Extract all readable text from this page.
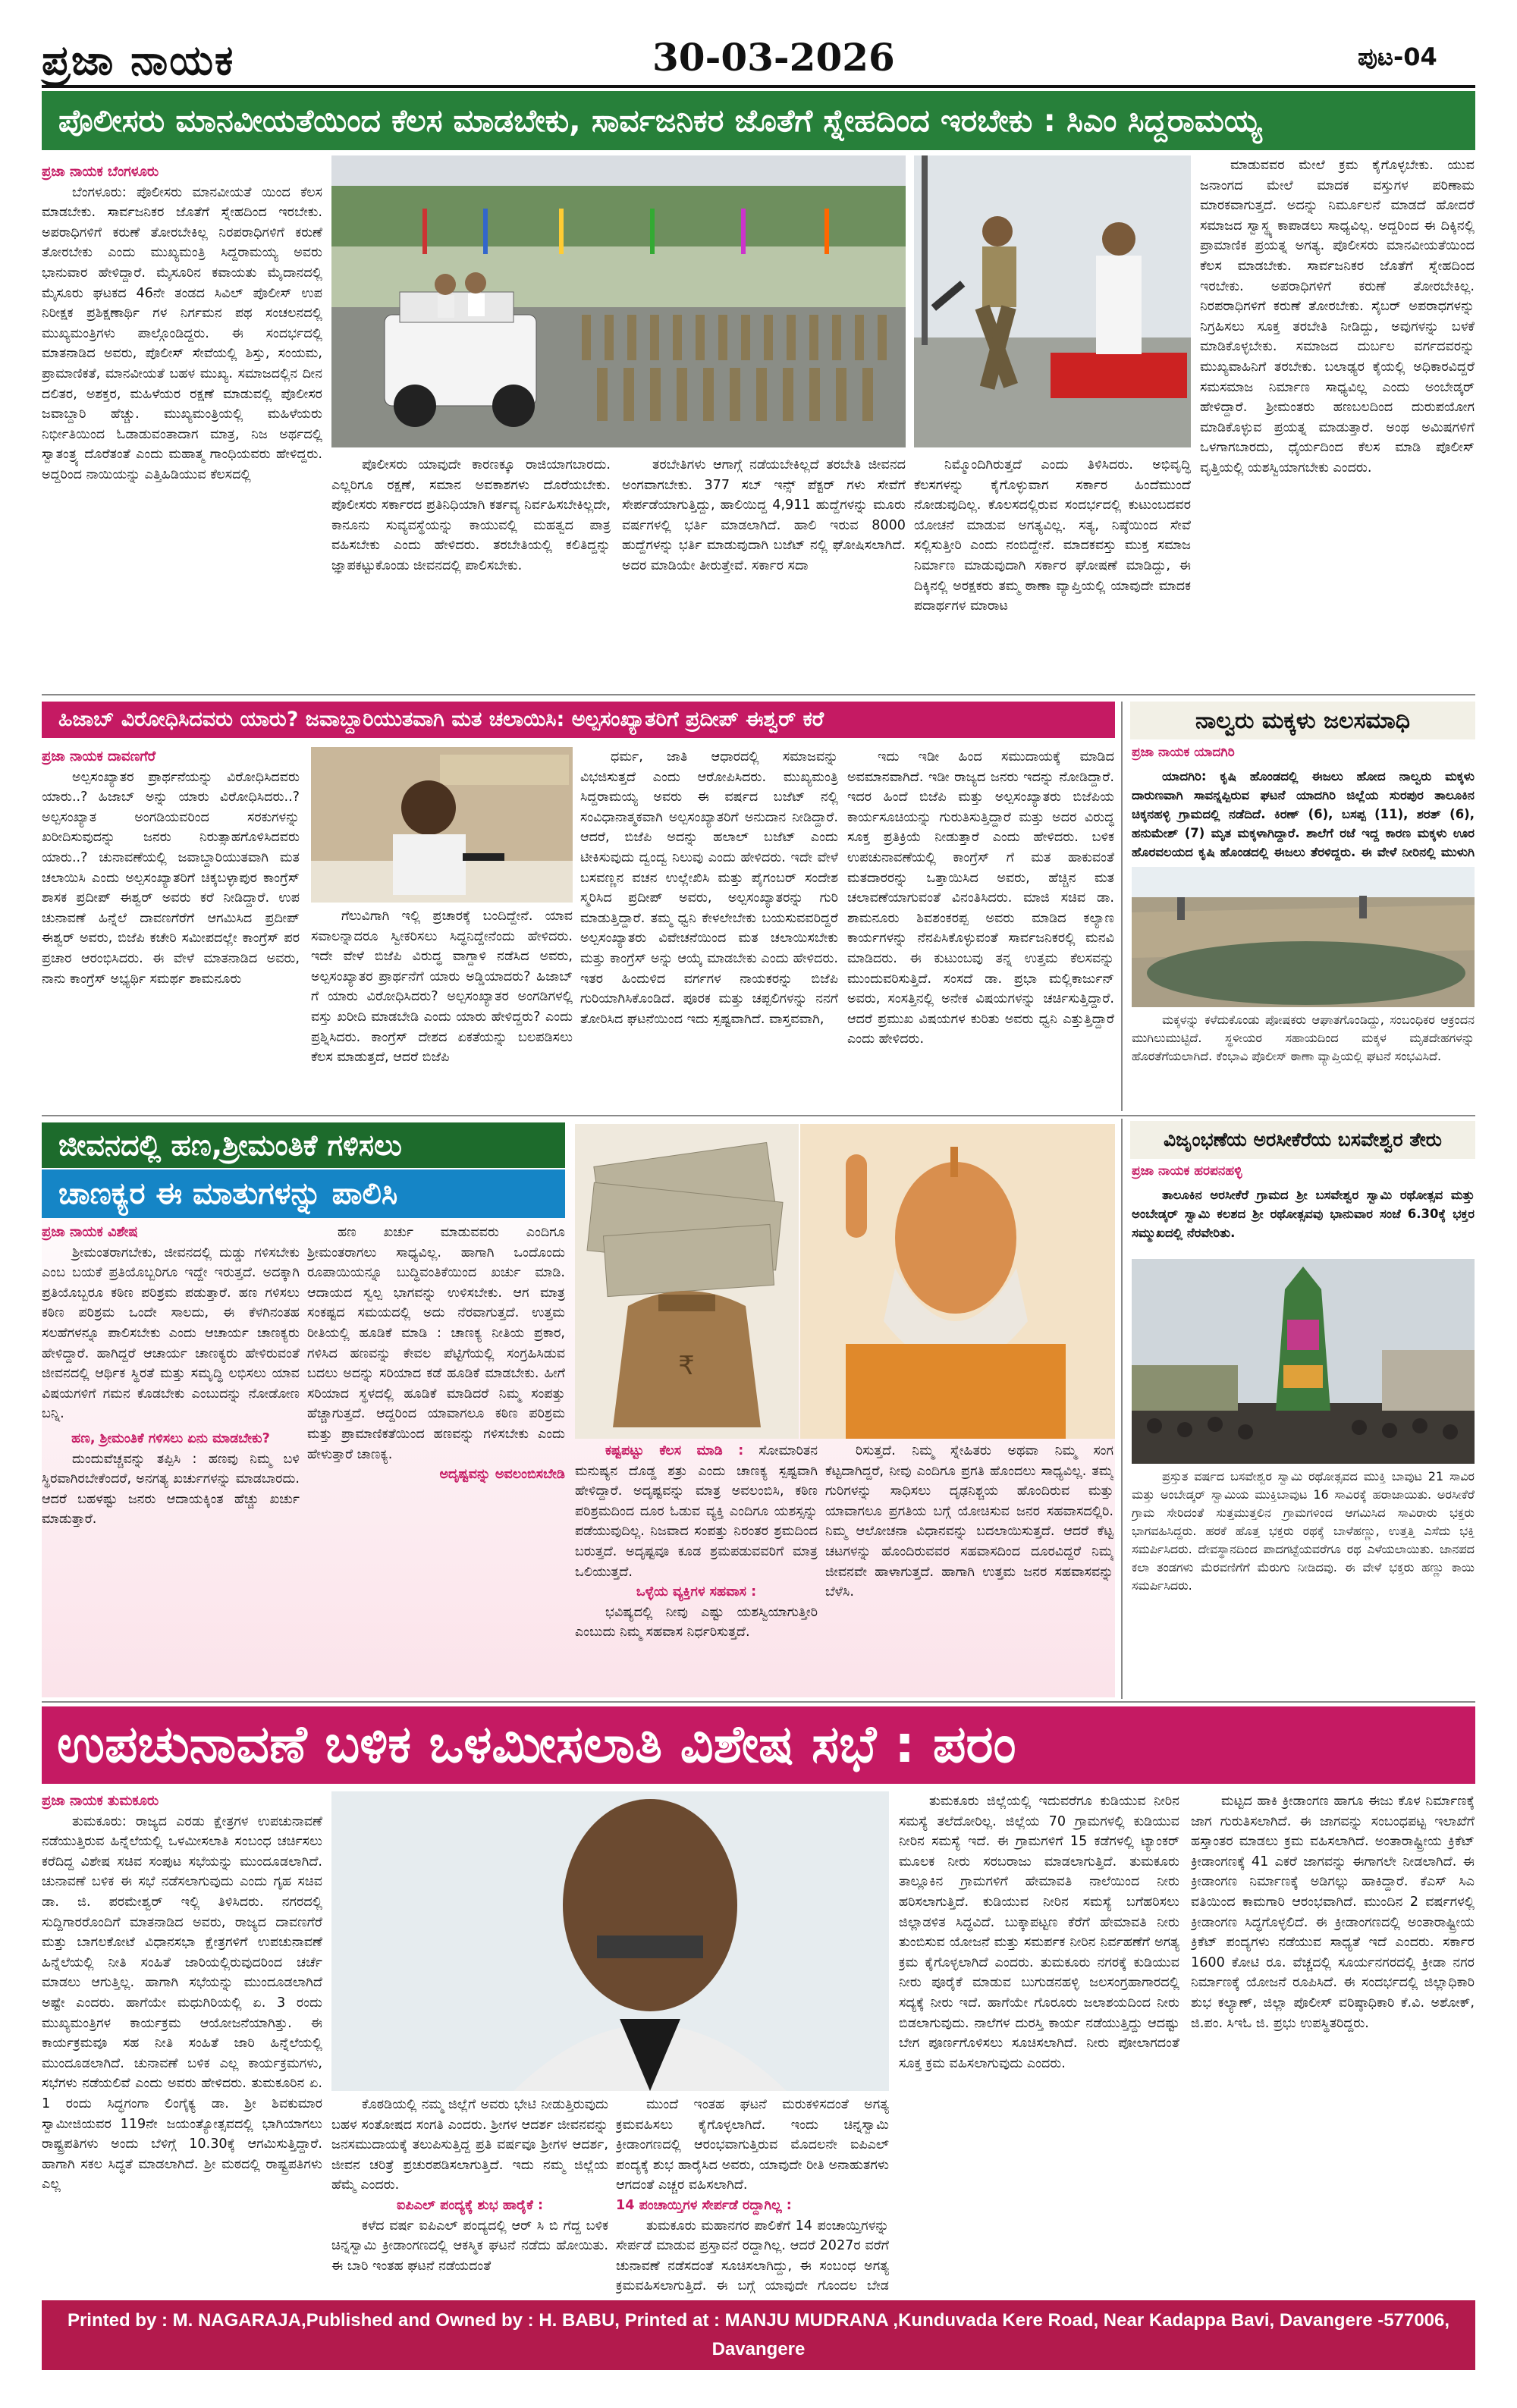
ಪ್ರಜಾ ನಾಯಕ	30-03-2026	ಪುಟ-04
ಪೊಲೀಸರು ಮಾನವೀಯತೆಯಿಂದ ಕೆಲಸ ಮಾಡಬೇಕು, ಸಾರ್ವಜನಿಕರ ಜೊತೆಗೆ ಸ್ನೇಹದಿಂದ ಇರಬೇಕು : ಸಿಎಂ ಸಿದ್ದರಾಮಯ್ಯ

ಪ್ರಜಾ ನಾಯಕ ಬೆಂಗಳೂರು

ಬೆಂಗಳೂರು: ಪೊಲೀಸರು ಮಾನವೀಯತೆ ಯಿಂದ ಕೆಲಸ ಮಾಡಬೇಕು. ಸಾರ್ವಜನಿಕರ ಜೊತೆಗೆ ಸ್ನೇಹದಿಂದ ಇರಬೇಕು. ಅಪರಾಧಿಗಳಿಗೆ ಕರುಣೆ ತೋರಬೇಕಿಲ್ಲ ನಿರಪರಾಧಿಗಳಿಗೆ ಕರುಣೆ ತೋರಬೇಕು ಎಂದು ಮುಖ್ಯಮಂತ್ರಿ ಸಿದ್ದರಾಮಯ್ಯ ಅವರು ಭಾನುವಾರ ಹೇಳಿದ್ದಾರೆ. ಮೈಸೂರಿನ ಕವಾಯತು ಮೈದಾನದಲ್ಲಿ ಮೈಸೂರು ಘಟಕದ 46ನೇ ತಂಡದ ಸಿವಿಲ್ ಪೊಲೀಸ್ ಉಪ ನಿರೀಕ್ಷಕ ಪ್ರಶಿಕ್ಷಣಾರ್ಥಿ ಗಳ ನಿರ್ಗಮನ ಪಥ ಸಂಚಲನದಲ್ಲಿ ಮುಖ್ಯಮಂತ್ರಿಗಳು ಪಾಲ್ಗೊಂಡಿದ್ದರು. ಈ ಸಂದರ್ಭದಲ್ಲಿ ಮಾತನಾಡಿದ ಅವರು, ಪೊಲೀಸ್ ಸೇವೆಯಲ್ಲಿ ಶಿಸ್ತು, ಸಂಯಮ, ಪ್ರಾಮಾಣಿಕತೆ, ಮಾನವೀಯತೆ ಬಹಳ ಮುಖ್ಯ. ಸಮಾಜದಲ್ಲಿನ ದೀನ ದಲಿತರ, ಅಶಕ್ತರ, ಮಹಿಳೆಯರ ರಕ್ಷಣೆ ಮಾಡುವಲ್ಲಿ ಪೊಲೀಸರ ಜವಾಬ್ದಾರಿ ಹೆಚ್ಚು. ಮುಖ್ಯಮಂತ್ರಿಯಲ್ಲಿ ಮಹಿಳೆಯರು ನಿರ್ಭೀತಿಯಿಂದ ಓಡಾಡುವಂತಾದಾಗ ಮಾತ್ರ, ನಿಜ ಅರ್ಥದಲ್ಲಿ ಸ್ವಾತಂತ್ರ್ಯ ದೊರೆತಂತೆ ಎಂದು ಮಹಾತ್ಮ ಗಾಂಧಿಯವರು ಹೇಳಿದ್ದರು. ಅದ್ದರಿಂದ ನಾಯಿಯನ್ನು ಎತ್ತಿಹಿಡಿಯುವ ಕೆಲಸದಲ್ಲಿ

ಪೊಲೀಸರು ಯಾವುದೇ ಕಾರಣಕ್ಕೂ ರಾಜಿಯಾಗಬಾರದು. ಎಲ್ಲರಿಗೂ ರಕ್ಷಣೆ, ಸಮಾನ ಅವಕಾಶಗಳು ದೊರೆಯಬೇಕು. ಪೊಲೀಸರು ಸರ್ಕಾರದ ಪ್ರತಿನಿಧಿಯಾಗಿ ಕರ್ತವ್ಯ ನಿರ್ವಹಿಸಬೇಕಿಲ್ಲದೇ, ಕಾನೂನು ಸುವ್ಯವಸ್ಥೆಯನ್ನು ಕಾಯುವಲ್ಲಿ ಮಹತ್ವದ ಪಾತ್ರ ವಹಿಸಬೇಕು ಎಂದು ಹೇಳಿದರು. ತರಬೇತಿಯಲ್ಲಿ ಕಲಿತಿದ್ದನ್ನು ಜ್ಞಾಪಕಟ್ಟುಕೊಂಡು ಜೀವನದಲ್ಲಿ ಪಾಲಿಸಬೇಕು.

ತರಬೇತಿಗಳು ಆಗಾಗ್ಗೆ ನಡೆಯಬೇಕಿಲ್ಲದೆ ತರಬೇತಿ ಜೀವನದ ಅಂಗವಾಗಬೇಕು. 377 ಸಬ್ ಇನ್ಸ್ ಪೆಕ್ಟರ್ ಗಳು ಸೇವೆಗೆ ಸೇರ್ಪಡೆಯಾಗುತ್ತಿದ್ದು, ಹಾಲಿಯಿದ್ದ 4,911 ಹುದ್ದೆಗಳನ್ನು ಮೂರು ವರ್ಷಗಳಲ್ಲಿ ಭರ್ತಿ ಮಾಡಲಾಗಿದೆ. ಹಾಲಿ ಇರುವ 8000 ಹುದ್ದೆಗಳನ್ನು ಭರ್ತಿ ಮಾಡುವುದಾಗಿ ಬಜೆಟ್ ನಲ್ಲಿ ಘೋಷಿಸಲಾಗಿದೆ. ಅದರ ಮಾಡಿಯೇ ತೀರುತ್ತೇವೆ. ಸರ್ಕಾರ ಸದಾ

ನಿಮ್ಮೊಂದಿಗಿರುತ್ತದೆ ಎಂದು ತಿಳಿಸಿದರು. ಅಭಿವೃದ್ಧಿ ಕೆಲಸಗಳನ್ನು ಕೈಗೊಳ್ಳುವಾಗ ಸರ್ಕಾರ ಹಿಂದೆಮುಂದೆ ನೋಡುವುದಿಲ್ಲ. ಕೊಲಸದಲ್ಲಿರುವ ಸಂದರ್ಭದಲ್ಲಿ ಕುಟುಂಬದವರ ಯೋಚನೆ ಮಾಡುವ ಅಗತ್ಯವಿಲ್ಲ. ಸತ್ಯ, ನಿಷ್ಠೆಯಿಂದ ಸೇವೆ ಸಲ್ಲಿಸುತ್ತೀರಿ ಎಂದು ನಂಬಿದ್ದೇನೆ. ಮಾದಕವಸ್ತು ಮುಕ್ತ ಸಮಾಜ ನಿರ್ಮಾಣ ಮಾಡುವುದಾಗಿ ಸರ್ಕಾರ ಘೋಷಣೆ ಮಾಡಿದ್ದು, ಈ ದಿಕ್ಕಿನಲ್ಲಿ ಅರಕ್ಷಕರು ತಮ್ಮ ಠಾಣಾ ವ್ಯಾಪ್ತಿಯಲ್ಲಿ ಯಾವುದೇ ಮಾದಕ ಪದಾರ್ಥಗಳ ಮಾರಾಟ

ಮಾಡುವವರ ಮೇಲೆ ಕ್ರಮ ಕೈಗೊಳ್ಳಬೇಕು. ಯುವ ಜನಾಂಗದ ಮೇಲೆ ಮಾದಕ ವಸ್ತುಗಳ ಪರಿಣಾಮ ಮಾರಕವಾಗುತ್ತದೆ. ಅದನ್ನು ನಿರ್ಮೂಲನೆ ಮಾಡದೆ ಹೋದರೆ ಸಮಾಜದ ಸ್ವಾಸ್ಥ್ಯ ಕಾಪಾಡಲು ಸಾಧ್ಯವಿಲ್ಲ. ಅದ್ದರಿಂದ ಈ ದಿಕ್ಕಿನಲ್ಲಿ ಪ್ರಾಮಾಣಿಕ ಪ್ರಯತ್ನ ಅಗತ್ಯ. ಪೊಲೀಸರು ಮಾನವೀಯತೆಯಿಂದ ಕೆಲಸ ಮಾಡಬೇಕು. ಸಾರ್ವಜನಿಕರ ಜೊತೆಗೆ ಸ್ನೇಹದಿಂದ ಇರಬೇಕು. ಅಪರಾಧಿಗಳಿಗೆ ಕರುಣೆ ತೋರಬೇಕಿಲ್ಲ. ನಿರಪರಾಧಿಗಳಿಗೆ ಕರುಣೆ ತೋರಬೇಕು. ಸೈಬರ್ ಅಪರಾಧಗಳನ್ನು ನಿಗ್ರಹಿಸಲು ಸೂಕ್ತ ತರಬೇತಿ ನೀಡಿದ್ದು, ಅವುಗಳನ್ನು ಬಳಕೆ ಮಾಡಿಕೊಳ್ಳಬೇಕು. ಸಮಾಜದ ದುರ್ಬಲ ವರ್ಗದವರನ್ನು ಮುಖ್ಯವಾಹಿನಿಗೆ ತರಬೇಕು. ಬಲಾಢ್ಯರ ಕೈಯಲ್ಲಿ ಅಧಿಕಾರವಿದ್ದರೆ ಸಮಸಮಾಜ ನಿರ್ಮಾಣ ಸಾಧ್ಯವಿಲ್ಲ ಎಂದು ಅಂಬೇಡ್ಕರ್ ಹೇಳಿದ್ದಾರೆ. ಶ್ರೀಮಂತರು ಹಣಬಲದಿಂದ ದುರುಪಯೋಗ ಮಾಡಿಕೊಳ್ಳುವ ಪ್ರಯತ್ನ ಮಾಡುತ್ತಾರೆ. ಅಂಥ ಅಮಿಷಗಳಿಗೆ ಒಳಗಾಗಬಾರದು, ಧೈರ್ಯದಿಂದ ಕೆಲಸ ಮಾಡಿ ಪೊಲೀಸ್ ವೃತ್ತಿಯಲ್ಲಿ ಯಶಸ್ವಿಯಾಗಬೇಕು ಎಂದರು.

ಹಿಜಾಬ್ ವಿರೋಧಿಸಿದವರು ಯಾರು? ಜವಾಬ್ದಾರಿಯುತವಾಗಿ ಮತ ಚಲಾಯಿಸಿ: ಅಲ್ಪಸಂಖ್ಯಾತರಿಗೆ ಪ್ರದೀಪ್ ಈಶ್ವರ್ ಕರೆ

ಪ್ರಜಾ ನಾಯಕ ದಾವಣಗೆರೆ

ಅಲ್ಪಸಂಖ್ಯಾತರ ಪ್ರಾರ್ಥನೆಯನ್ನು ವಿರೋಧಿಸಿದವರು ಯಾರು..? ಹಿಜಾಬ್ ಅನ್ನು ಯಾರು ವಿರೋಧಿಸಿದರು..? ಅಲ್ಪಸಂಖ್ಯಾತ ಅಂಗಡಿಯವರಿಂದ ಸರಕುಗಳನ್ನು ಖರೀದಿಸುವುದನ್ನು ಜನರು ನಿರುತ್ಸಾಹಗೊಳಿಸಿದವರು ಯಾರು..? ಚುನಾವಣೆಯಲ್ಲಿ ಜವಾಬ್ದಾರಿಯುತವಾಗಿ ಮತ ಚಲಾಯಿಸಿ ಎಂದು ಅಲ್ಪಸಂಖ್ಯಾತರಿಗೆ ಚಿಕ್ಕಬಳ್ಳಾಪುರ ಕಾಂಗ್ರೆಸ್ ಶಾಸಕ ಪ್ರದೀಪ್ ಈಶ್ವರ್ ಅವರು ಕರೆ ನೀಡಿದ್ದಾರೆ. ಉಪ ಚುನಾವಣೆ ಹಿನ್ನೆಲೆ ದಾವಣಗೆರೆಗೆ ಆಗಮಿಸಿದ ಪ್ರದೀಪ್ ಈಶ್ವರ್ ಅವರು, ಬಿಜೆಪಿ ಕಚೇರಿ ಸಮೀಪದಲ್ಲೇ ಕಾಂಗ್ರೆಸ್ ಪರ ಪ್ರಚಾರ ಆರಂಭಿಸಿದರು. ಈ ವೇಳೆ ಮಾತನಾಡಿದ ಅವರು, ನಾನು ಕಾಂಗ್ರೆಸ್ ಅಭ್ಯರ್ಥಿ ಸಮರ್ಥ ಶಾಮನೂರು

ಗೆಲುವಿಗಾಗಿ ಇಲ್ಲಿ ಪ್ರಚಾರಕ್ಕೆ ಬಂದಿದ್ದೇನೆ. ಯಾವ ಸವಾಲನ್ನಾದರೂ ಸ್ವೀಕರಿಸಲು ಸಿದ್ಧನಿದ್ದೇನೆಂದು ಹೇಳಿದರು. ಇದೇ ವೇಳೆ ಬಿಜೆಪಿ ವಿರುದ್ಧ ವಾಗ್ದಾಳಿ ನಡೆಸಿದ ಅವರು, ಅಲ್ಪಸಂಖ್ಯಾತರ ಪ್ರಾರ್ಥನೆಗೆ ಯಾರು ಅಡ್ಡಿಯಾದರು? ಹಿಜಾಬ್ ಗೆ ಯಾರು ವಿರೋಧಿಸಿದರು? ಅಲ್ಪಸಂಖ್ಯಾತರ ಅಂಗಡಿಗಳಲ್ಲಿ ವಸ್ತು ಖರೀದಿ ಮಾಡಬೇಡಿ ಎಂದು ಯಾರು ಹೇಳಿದ್ದರು? ಎಂದು ಪ್ರಶ್ನಿಸಿದರು. ಕಾಂಗ್ರೆಸ್ ದೇಶದ ಏಕತೆಯನ್ನು ಬಲಪಡಿಸಲು ಕೆಲಸ ಮಾಡುತ್ತದೆ, ಆದರೆ ಬಿಜೆಪಿ

ಧರ್ಮ, ಜಾತಿ ಆಧಾರದಲ್ಲಿ ಸಮಾಜವನ್ನು ವಿಭಜಿಸುತ್ತದೆ ಎಂದು ಆರೋಪಿಸಿದರು. ಮುಖ್ಯಮಂತ್ರಿ ಸಿದ್ದರಾಮಯ್ಯ ಅವರು ಈ ವರ್ಷದ ಬಜೆಟ್ ನಲ್ಲಿ ಸಂವಿಧಾನಾತ್ಮಕವಾಗಿ ಅಲ್ಪಸಂಖ್ಯಾತರಿಗೆ ಅನುದಾನ ನೀಡಿದ್ದಾರೆ. ಆದರೆ, ಬಿಜೆಪಿ ಅದನ್ನು ಹಲಾಲ್ ಬಜೆಟ್ ಎಂದು ಟೀಕಿಸುವುದು ದ್ವಂದ್ವ ನಿಲುವು ಎಂದು ಹೇಳಿದರು. ಇದೇ ವೇಳೆ ಬಸವಣ್ಣನ ವಚನ ಉಲ್ಲೇಖಿಸಿ ಮತ್ತು ಪೈಗಂಬರ್ ಸಂದೇಶ ಸ್ಮರಿಸಿದ ಪ್ರದೀಪ್ ಅವರು, ಅಲ್ಪಸಂಖ್ಯಾತರನ್ನು ಗುರಿ ಮಾಡುತ್ತಿದ್ದಾರೆ. ತಮ್ಮ ಧ್ವನಿ ಕೇಳಲೇಬೇಕು ಬಯಸುವವರಿದ್ದರೆ ಅಲ್ಪಸಂಖ್ಯಾತರು ವಿವೇಚನೆಯಿಂದ ಮತ ಚಲಾಯಿಸಬೇಕು ಮತ್ತು ಕಾಂಗ್ರೆಸ್ ಅನ್ನು ಆಯ್ಕೆ ಮಾಡಬೇಕು ಎಂದು ಹೇಳಿದರು. ಇತರ ಹಿಂದುಳಿದ ವರ್ಗಗಳ ನಾಯಕರನ್ನು ಬಿಜೆಪಿ ಗುರಿಯಾಗಿಸಿಕೊಂಡಿದೆ. ಪೂರಕ ಮತ್ತು ಚಪ್ಪಲಿಗಳನ್ನು ನನಗೆ ತೋರಿಸಿದ ಘಟನೆಯಿಂದ ಇದು ಸ್ಪಷ್ಟವಾಗಿದೆ. ವಾಸ್ತವವಾಗಿ,

ಇದು ಇಡೀ ಹಿಂದ ಸಮುದಾಯಕ್ಕೆ ಮಾಡಿದ ಅವಮಾನವಾಗಿದೆ. ಇಡೀ ರಾಜ್ಯದ ಜನರು ಇದನ್ನು ನೋಡಿದ್ದಾರೆ. ಇದರ ಹಿಂದೆ ಬಿಜೆಪಿ ಮತ್ತು ಅಲ್ಪಸಂಖ್ಯಾತರು ಬಿಜೆಪಿಯ ಕಾರ್ಯಸೂಚಿಯನ್ನು ಗುರುತಿಸುತ್ತಿದ್ದಾರೆ ಮತ್ತು ಅದರ ವಿರುದ್ಧ ಸೂಕ್ತ ಪ್ರತಿಕ್ರಿಯೆ ನೀಡುತ್ತಾರೆ ಎಂದು ಹೇಳಿದರು. ಬಳಿಕ ಉಪಚುನಾವಣೆಯಲ್ಲಿ ಕಾಂಗ್ರೆಸ್ ಗೆ ಮತ ಹಾಕುವಂತೆ ಮತದಾರರನ್ನು ಒತ್ತಾಯಿಸಿದ ಅವರು, ಹೆಚ್ಚಿನ ಮತ ಚಲಾವಣೆಯಾಗುವಂತೆ ವಿನಂತಿಸಿದರು. ಮಾಜಿ ಸಚಿವ ಡಾ. ಶಾಮನೂರು ಶಿವಶಂಕರಪ್ಪ ಅವರು ಮಾಡಿದ ಕಲ್ಯಾಣ ಕಾರ್ಯಗಳನ್ನು ನೆನಪಿಸಿಕೊಳ್ಳುವಂತೆ ಸಾರ್ವಜನಿಕರಲ್ಲಿ ಮನವಿ ಮಾಡಿದರು. ಈ ಕುಟುಂಬವು ತನ್ನ ಉತ್ತಮ ಕೆಲಸವನ್ನು ಮುಂದುವರಿಸುತ್ತಿದೆ. ಸಂಸದೆ ಡಾ. ಪ್ರಭಾ ಮಲ್ಲಿಕಾರ್ಜುನ್ ಅವರು, ಸಂಸತ್ತಿನಲ್ಲಿ ಅನೇಕ ವಿಷಯಗಳನ್ನು ಚರ್ಚಿಸುತ್ತಿದ್ದಾರೆ. ಆದರೆ ಪ್ರಮುಖ ವಿಷಯಗಳ ಕುರಿತು ಅವರು ಧ್ವನಿ ಎತ್ತುತ್ತಿದ್ದಾರೆ ಎಂದು ಹೇಳಿದರು.

ನಾಲ್ವರು ಮಕ್ಕಳು ಜಲಸಮಾಧಿ

ಪ್ರಜಾ ನಾಯಕ ಯಾದಗಿರಿ

ಯಾದಗಿರಿ: ಕೃಷಿ ಹೊಂಡದಲ್ಲಿ ಈಜಲು ಹೋದ ನಾಲ್ವರು ಮಕ್ಕಳು ದಾರುಣವಾಗಿ ಸಾವನ್ನಪ್ಪಿರುವ ಘಟನೆ ಯಾದಗಿರಿ ಜಿಲ್ಲೆಯ ಸುರಪುರ ತಾಲೂಕಿನ ಚಿಕ್ಕನಹಳ್ಳಿ ಗ್ರಾಮದಲ್ಲಿ ನಡೆದಿದೆ. ಕಿರಣ್ (6), ಬಸಪ್ಪ (11), ಶರತ್ (6), ಹನುಮೇಶ್ (7) ಮೃತ ಮಕ್ಕಳಾಗಿದ್ದಾರೆ. ಶಾಲೆಗೆ ರಜೆ ಇದ್ದ ಕಾರಣ ಮಕ್ಕಳು ಊರ ಹೊರವಲಯದ ಕೃಷಿ ಹೊಂಡದಲ್ಲಿ ಈಜಲು ತೆರಳಿದ್ದರು. ಈ ವೇಳೆ ನೀರಿನಲ್ಲಿ ಮುಳುಗಿ

ಮಕ್ಕಳನ್ನು ಕಳೆದುಕೊಂಡು ಪೋಷಕರು ಆಘಾತಗೊಂಡಿದ್ದು, ಸಂಬಂಧಿಕರ ಆಕ್ರಂದನ ಮುಗಿಲುಮುಟ್ಟಿದೆ. ಸ್ಥಳೀಯರ ಸಹಾಯದಿಂದ ಮಕ್ಕಳ ಮೃತದೇಹಗಳನ್ನು ಹೊರತೆಗೆಯಲಾಗಿದೆ. ಕೆಂಭಾವಿ ಪೊಲೀಸ್ ಠಾಣಾ ವ್ಯಾಪ್ತಿಯಲ್ಲಿ ಘಟನೆ ಸಂಭವಿಸಿದೆ.

ಜೀವನದಲ್ಲಿ ಹಣ,ಶ್ರೀಮಂತಿಕೆ ಗಳಿಸಲು
ಚಾಣಕ್ಯರ ಈ ಮಾತುಗಳನ್ನು ಪಾಲಿಸಿ

ಪ್ರಜಾ ನಾಯಕ ವಿಶೇಷ

ಶ್ರೀಮಂತರಾಗಬೇಕು, ಜೀವನದಲ್ಲಿ ದುಡ್ಡು ಗಳಿಸಬೇಕು ಎಂಬ ಬಯಕೆ ಪ್ರತಿಯೊಬ್ಬರಿಗೂ ಇದ್ದೇ ಇರುತ್ತದೆ. ಅದಕ್ಕಾಗಿ ಪ್ರತಿಯೊಬ್ಬರೂ ಕಠಿಣ ಪರಿಶ್ರಮ ಪಡುತ್ತಾರೆ. ಹಣ ಗಳಿಸಲು ಕಠಿಣ ಪರಿಶ್ರಮ ಒಂದೇ ಸಾಲದು, ಈ ಕೆಳಗಿನಂತಹ ಸಲಹೆಗಳನ್ನೂ ಪಾಲಿಸಬೇಕು ಎಂದು ಆಚಾರ್ಯ ಚಾಣಕ್ಯರು ಹೇಳಿದ್ದಾರೆ. ಹಾಗಿದ್ದರೆ ಆಚಾರ್ಯ ಚಾಣಕ್ಯರು ಹೇಳಿರುವಂತೆ ಜೀವನದಲ್ಲಿ ಆರ್ಥಿಕ ಸ್ಥಿರತೆ ಮತ್ತು ಸಮೃದ್ಧಿ ಲಭಿಸಲು ಯಾವ ವಿಷಯಗಳಿಗೆ ಗಮನ ಕೊಡಬೇಕು ಎಂಬುದನ್ನು ನೋಡೋಣ ಬನ್ನಿ.

ಹಣ, ಶ್ರೀಮಂತಿಕೆ ಗಳಿಸಲು ಏನು ಮಾಡಬೇಕು?

ದುಂದುವೆಚ್ಚವನ್ನು ತಪ್ಪಿಸಿ : ಹಣವು ನಿಮ್ಮ ಬಳಿ ಸ್ಥಿರವಾಗಿರಬೇಕೆಂದರೆ, ಅನಗತ್ಯ ಖರ್ಚುಗಳನ್ನು ಮಾಡಬಾರದು. ಆದರೆ ಬಹಳಷ್ಟು ಜನರು ಆದಾಯಕ್ಕಿಂತ ಹೆಚ್ಚು ಖರ್ಚು ಮಾಡುತ್ತಾರೆ.

ಹಣ ಖರ್ಚು ಮಾಡುವವರು ಎಂದಿಗೂ ಶ್ರೀಮಂತರಾಗಲು ಸಾಧ್ಯವಿಲ್ಲ. ಹಾಗಾಗಿ ಒಂದೊಂದು ರೂಪಾಯಿಯನ್ನೂ ಬುದ್ಧಿವಂತಿಕೆಯಿಂದ ಖರ್ಚು ಮಾಡಿ. ಆದಾಯದ ಸ್ವಲ್ಪ ಭಾಗವನ್ನು ಉಳಿಸಬೇಕು. ಆಗ ಮಾತ್ರ ಸಂಕಷ್ಟದ ಸಮಯದಲ್ಲಿ ಅದು ನೆರವಾಗುತ್ತದೆ. ಉತ್ತಮ ರೀತಿಯಲ್ಲಿ ಹೂಡಿಕೆ ಮಾಡಿ : ಚಾಣಕ್ಯ ನೀತಿಯ ಪ್ರಕಾರ, ಗಳಿಸಿದ ಹಣವನ್ನು ಕೇವಲ ಪೆಟ್ಟಿಗೆಯಲ್ಲಿ ಸಂಗ್ರಹಿಸಿಡುವ ಬದಲು ಅದನ್ನು ಸರಿಯಾದ ಕಡೆ ಹೂಡಿಕೆ ಮಾಡಬೇಕು. ಹೀಗೆ ಸರಿಯಾದ ಸ್ಥಳದಲ್ಲಿ ಹೂಡಿಕೆ ಮಾಡಿದರೆ ನಿಮ್ಮ ಸಂಪತ್ತು ಹೆಚ್ಚಾಗುತ್ತದೆ. ಆದ್ದರಿಂದ ಯಾವಾಗಲೂ ಕಠಿಣ ಪರಿಶ್ರಮ ಮತ್ತು ಪ್ರಾಮಾಣಿಕತೆಯಿಂದ ಹಣವನ್ನು ಗಳಿಸಬೇಕು ಎಂದು ಹೇಳುತ್ತಾರೆ ಚಾಣಕ್ಯ.

ಅದೃಷ್ಟವನ್ನು ಅವಲಂಬಿಸಬೇಡಿ

₹

ಕಷ್ಟಪಟ್ಟು ಕೆಲಸ ಮಾಡಿ : ಸೋಮಾರಿತನ ಮನುಷ್ಯನ ದೊಡ್ಡ ಶತ್ರು ಎಂದು ಚಾಣಕ್ಯ ಸ್ಪಷ್ಟವಾಗಿ ಹೇಳಿದ್ದಾರೆ. ಅದೃಷ್ಟವನ್ನು ಮಾತ್ರ ಅವಲಂಬಿಸಿ, ಕಠಿಣ ಪರಿಶ್ರಮದಿಂದ ದೂರ ಓಡುವ ವ್ಯಕ್ತಿ ಎಂದಿಗೂ ಯಶಸ್ಸನ್ನು ಪಡೆಯುವುದಿಲ್ಲ. ನಿಜವಾದ ಸಂಪತ್ತು ನಿರಂತರ ಶ್ರಮದಿಂದ ಬರುತ್ತದೆ. ಅದೃಷ್ಟವೂ ಕೂಡ ಶ್ರಮಪಡುವವರಿಗೆ ಮಾತ್ರ ಒಲಿಯುತ್ತದೆ.

ಒಳ್ಳೆಯ ವ್ಯಕ್ತಿಗಳ ಸಹವಾಸ :

ಭವಿಷ್ಯದಲ್ಲಿ ನೀವು ಎಷ್ಟು ಯಶಸ್ವಿಯಾಗುತ್ತೀರಿ ಎಂಬುದು ನಿಮ್ಮ ಸಹವಾಸ ನಿರ್ಧರಿಸುತ್ತದೆ.

ರಿಸುತ್ತದೆ. ನಿಮ್ಮ ಸ್ನೇಹಿತರು ಅಥವಾ ನಿಮ್ಮ ಸಂಗ ಕೆಟ್ಟದಾಗಿದ್ದರೆ, ನೀವು ಎಂದಿಗೂ ಪ್ರಗತಿ ಹೊಂದಲು ಸಾಧ್ಯವಿಲ್ಲ. ತಮ್ಮ ಗುರಿಗಳನ್ನು ಸಾಧಿಸಲು ದೃಢನಿಶ್ಚಯ ಹೊಂದಿರುವ ಮತ್ತು ಯಾವಾಗಲೂ ಪ್ರಗತಿಯ ಬಗ್ಗೆ ಯೋಚಿಸುವ ಜನರ ಸಹವಾಸದಲ್ಲಿರಿ. ನಿಮ್ಮ ಆಲೋಚನಾ ವಿಧಾನವನ್ನು ಬದಲಾಯಿಸುತ್ತದೆ. ಆದರೆ ಕೆಟ್ಟ ಚಟಗಳನ್ನು ಹೊಂದಿರುವವರ ಸಹವಾಸದಿಂದ ದೂರವಿದ್ದರೆ ನಿಮ್ಮ ಜೀವನವೇ ಹಾಳಾಗುತ್ತದೆ. ಹಾಗಾಗಿ ಉತ್ತಮ ಜನರ ಸಹವಾಸವನ್ನು ಬೆಳೆಸಿ.

ವಿಜೃಂಭಣೆಯ ಅರಸೀಕೆರೆಯ ಬಸವೇಶ್ವರ ತೇರು

ಪ್ರಜಾ ನಾಯಕ ಹರಪನಹಳ್ಳಿ

ತಾಲೂಕಿನ ಅರಸೀಕೆರೆ ಗ್ರಾಮದ ಶ್ರೀ ಬಸವೇಶ್ವರ ಸ್ವಾಮಿ ರಥೋತ್ಸವ ಮತ್ತು ಅಂಬೇಡ್ಕರ್ ಸ್ವಾಮಿ ಕಲಶದ ಶ್ರೀ ರಥೋತ್ಸವವು ಭಾನುವಾರ ಸಂಜೆ 6.30ಕ್ಕೆ ಭಕ್ತರ ಸಮ್ಮುಖದಲ್ಲಿ ನೆರವೇರಿತು.

ಪ್ರಸ್ತುತ ವರ್ಷದ ಬಸವೇಶ್ವರ ಸ್ವಾಮಿ ರಥೋತ್ಸವದ ಮುಕ್ತಿ ಬಾವುಟ 21 ಸಾವಿರ ಮತ್ತು ಅಂಬೇಡ್ಕರ್ ಸ್ವಾಮಿಯ ಮುಕ್ತಿಬಾವುಟ 16 ಸಾವಿರಕ್ಕೆ ಹರಾಜಾಯಿತು. ಅರಸೀಕೆರೆ ಗ್ರಾಮ ಸೇರಿದಂತೆ ಸುತ್ತಮುತ್ತಲಿನ ಗ್ರಾಮಗಳಿಂದ ಆಗಮಿಸಿದ ಸಾವಿರಾರು ಭಕ್ತರು ಭಾಗವಹಿಸಿದ್ದರು. ಹರಕೆ ಹೊತ್ತ ಭಕ್ತರು ರಥಕ್ಕೆ ಬಾಳೆಹಣ್ಣು, ಉತ್ತತ್ತಿ ಎಸೆದು ಭಕ್ತಿ ಸಮರ್ಪಿಸಿದರು. ದೇವಸ್ಥಾನದಿಂದ ಪಾದಗಟ್ಟೆಯವರೆಗೂ ರಥ ಎಳೆಯಲಾಯಿತು. ಜಾನಪದ ಕಲಾ ತಂಡಗಳು ಮೆರವಣಿಗೆಗೆ ಮೆರುಗು ನೀಡಿದವು. ಈ ವೇಳೆ ಭಕ್ತರು ಹಣ್ಣು ಕಾಯಿ ಸಮರ್ಪಿಸಿದರು.

ಉಪಚುನಾವಣೆ ಬಳಿಕ ಒಳಮೀಸಲಾತಿ ವಿಶೇಷ ಸಭೆ : ಪರಂ

ಪ್ರಜಾ ನಾಯಕ ತುಮಕೂರು

ತುಮಕೂರು: ರಾಜ್ಯದ ಎರಡು ಕ್ಷೇತ್ರಗಳ ಉಪಚುನಾವಣೆ ನಡೆಯುತ್ತಿರುವ ಹಿನ್ನೆಲೆಯಲ್ಲಿ ಒಳಮೀಸಲಾತಿ ಸಂಬಂಧ ಚರ್ಚಿಸಲು ಕರೆದಿದ್ದ ವಿಶೇಷ ಸಚಿವ ಸಂಪುಟ ಸಭೆಯನ್ನು ಮುಂದೂಡಲಾಗಿದೆ. ಚುನಾವಣೆ ಬಳಿಕ ಈ ಸಭೆ ನಡೆಸಲಾಗುವುದು ಎಂದು ಗೃಹ ಸಚಿವ ಡಾ. ಜಿ. ಪರಮೇಶ್ವರ್ ಇಲ್ಲಿ ತಿಳಿಸಿದರು. ನಗರದಲ್ಲಿ ಸುದ್ದಿಗಾರರೊಂದಿಗೆ ಮಾತನಾಡಿದ ಅವರು, ರಾಜ್ಯದ ದಾವಣಗೆರೆ ಮತ್ತು ಬಾಗಲಕೋಟೆ ವಿಧಾನಸಭಾ ಕ್ಷೇತ್ರಗಳಿಗೆ ಉಪಚುನಾವಣೆ ಹಿನ್ನೆಲೆಯಲ್ಲಿ ನೀತಿ ಸಂಹಿತೆ ಜಾರಿಯಲ್ಲಿರುವುದರಿಂದ ಚರ್ಚೆ ಮಾಡಲು ಆಗುತ್ತಿಲ್ಲ. ಹಾಗಾಗಿ ಸಭೆಯನ್ನು ಮುಂದೂಡಲಾಗಿದೆ ಅಷ್ಟೇ ಎಂದರು. ಹಾಗೆಯೇ ಮಧುಗಿರಿಯಲ್ಲಿ ಏ. 3 ರಂದು ಮುಖ್ಯಮಂತ್ರಿಗಳ ಕಾರ್ಯಕ್ರಮ ಆಯೋಜನೆಯಾಗಿತ್ತು. ಈ ಕಾರ್ಯಕ್ರಮವೂ ಸಹ ನೀತಿ ಸಂಹಿತೆ ಜಾರಿ ಹಿನ್ನೆಲೆಯಲ್ಲಿ ಮುಂದೂಡಲಾಗಿದೆ. ಚುನಾವಣೆ ಬಳಿಕ ಎಲ್ಲ ಕಾರ್ಯಕ್ರಮಗಳು, ಸಭೆಗಳು ನಡೆಯಲಿವೆ ಎಂದು ಅವರು ಹೇಳಿದರು. ತುಮಕೂರಿನ ಏ. 1 ರಂದು ಸಿದ್ಧಗಂಗಾ ಲಿಂಗೈಕ್ಯ ಡಾ. ಶ್ರೀ ಶಿವಕುಮಾರ ಸ್ವಾಮೀಜಿಯವರ 119ನೇ ಜಯಂತ್ಯೋತ್ಸವದಲ್ಲಿ ಭಾಗಿಯಾಗಲು ರಾಷ್ಟ್ರಪತಿಗಳು ಅಂದು ಬೆಳಿಗ್ಗೆ 10.30ಕ್ಕೆ ಆಗಮಿಸುತ್ತಿದ್ದಾರೆ. ಹಾಗಾಗಿ ಸಕಲ ಸಿದ್ಧತೆ ಮಾಡಲಾಗಿದೆ. ಶ್ರೀ ಮಠದಲ್ಲಿ ರಾಷ್ಟ್ರಪತಿಗಳು ಎಲ್ಲ

ಕೊಠಡಿಯಲ್ಲಿ ನಮ್ಮ ಜಿಲ್ಲೆಗೆ ಅವರು ಭೇಟಿ ನೀಡುತ್ತಿರುವುದು ಬಹಳ ಸಂತೋಷದ ಸಂಗತಿ ಎಂದರು. ಶ್ರೀಗಳ ಆದರ್ಶ ಜೀವನವನ್ನು ಜನಸಮುದಾಯಕ್ಕೆ ತಲುಪಿಸುತ್ತಿದ್ದ ಪ್ರತಿ ವರ್ಷವೂ ಶ್ರೀಗಳ ಆದರ್ಶ, ಜೀವನ ಚರಿತ್ರೆ ಪ್ರಚುರಪಡಿಸಲಾಗುತ್ತಿದೆ. ಇದು ನಮ್ಮ ಜಿಲ್ಲೆಯ ಹೆಮ್ಮೆ ಎಂದರು.

ಐಪಿಎಲ್ ಪಂದ್ಯಕ್ಕೆ ಶುಭ ಹಾರೈಕೆ :

ಕಳೆದ ವರ್ಷ ಐಪಿಎಲ್ ಪಂದ್ಯದಲ್ಲಿ ಆರ್ ಸಿ ಬಿ ಗೆದ್ದ ಬಳಿಕ ಚಿನ್ನಸ್ವಾಮಿ ಕ್ರೀಡಾಂಗಣದಲ್ಲಿ ಆಕಸ್ಮಿಕ ಘಟನೆ ನಡೆದು ಹೋಯಿತು. ಈ ಬಾರಿ ಇಂತಹ ಘಟನೆ ನಡೆಯದಂತೆ

ಮುಂದೆ ಇಂತಹ ಘಟನೆ ಮರುಕಳಿಸದಂತೆ ಅಗತ್ಯ ಕ್ರಮವಹಿಸಲು ಕೈಗೊಳ್ಳಲಾಗಿದೆ. ಇಂದು ಚಿನ್ನಸ್ವಾಮಿ ಕ್ರೀಡಾಂಗಣದಲ್ಲಿ ಆರಂಭವಾಗುತ್ತಿರುವ ಮೊದಲನೇ ಐಪಿಎಲ್ ಪಂದ್ಯಕ್ಕೆ ಶುಭ ಹಾರೈಸಿದ ಅವರು, ಯಾವುದೇ ರೀತಿ ಅನಾಹುತಗಳು ಆಗದಂತೆ ಎಚ್ಚರ ವಹಿಸಲಾಗಿದೆ.

14 ಪಂಚಾಯ್ತಿಗಳ ಸೇರ್ಪಡೆ ರದ್ದಾಗಿಲ್ಲ :

ತುಮಕೂರು ಮಹಾನಗರ ಪಾಲಿಕೆಗೆ 14 ಪಂಚಾಯ್ತಿಗಳನ್ನು ಸೇರ್ಪಡೆ ಮಾಡುವ ಪ್ರಸ್ತಾವನೆ ರದ್ದಾಗಿಲ್ಲ. ಆದರೆ 2027ರ ವರೆಗೆ ಚುನಾವಣೆ ನಡೆಸದಂತೆ ಸೂಚಿಸಲಾಗಿದ್ದು, ಈ ಸಂಬಂಧ ಅಗತ್ಯ ಕ್ರಮವಹಿಸಲಾಗುತ್ತಿದೆ. ಈ ಬಗ್ಗೆ ಯಾವುದೇ ಗೊಂದಲ ಬೇಡ

ತುಮಕೂರು ಜಿಲ್ಲೆಯಲ್ಲಿ ಇದುವರೆಗೂ ಕುಡಿಯುವ ನೀರಿನ ಸಮಸ್ಯೆ ತಲೆದೋರಿಲ್ಲ. ಜಿಲ್ಲೆಯ 70 ಗ್ರಾಮಗಳಲ್ಲಿ ಕುಡಿಯುವ ನೀರಿನ ಸಮಸ್ಯೆ ಇದೆ. ಈ ಗ್ರಾಮಗಳಿಗೆ 15 ಕಡೆಗಳಲ್ಲಿ ಟ್ಯಾಂಕರ್ ಮೂಲಕ ನೀರು ಸರಬರಾಜು ಮಾಡಲಾಗುತ್ತಿದೆ. ತುಮಕೂರು ತಾಲ್ಲೂಕಿನ ಗ್ರಾಮಗಳಿಗೆ ಹೇಮಾವತಿ ನಾಲೆಯಿಂದ ನೀರು ಹರಿಸಲಾಗುತ್ತಿದೆ. ಕುಡಿಯುವ ನೀರಿನ ಸಮಸ್ಯೆ ಬಗೆಹರಿಸಲು ಜಿಲ್ಲಾಡಳಿತ ಸಿದ್ಧವಿದೆ. ಬುಕ್ಕಾಪಟ್ಟಣ ಕೆರೆಗೆ ಹೇಮಾವತಿ ನೀರು ತುಂಬಿಸುವ ಯೋಜನೆ ಮತ್ತು ಸಮರ್ಪಕ ನೀರಿನ ನಿರ್ವಹಣೆಗೆ ಅಗತ್ಯ ಕ್ರಮ ಕೈಗೊಳ್ಳಲಾಗಿದೆ ಎಂದರು. ತುಮಕೂರು ನಗರಕ್ಕೆ ಕುಡಿಯುವ ನೀರು ಪೂರೈಕೆ ಮಾಡುವ ಬುಗುಡನಹಳ್ಳಿ ಜಲಸಂಗ್ರಹಾಗಾರದಲ್ಲಿ ಸದ್ಯಕ್ಕೆ ನೀರು ಇದೆ. ಹಾಗೆಯೇ ಗೊರೂರು ಜಲಾಶಯದಿಂದ ನೀರು ಬಿಡಲಾಗುವುದು. ನಾಲೆಗಳ ದುರಸ್ತಿ ಕಾರ್ಯ ನಡೆಯುತ್ತಿದ್ದು ಆದಷ್ಟು ಬೇಗ ಪೂರ್ಣಗೊಳಿಸಲು ಸೂಚಿಸಲಾಗಿದೆ. ನೀರು ಪೋಲಾಗದಂತೆ ಸೂಕ್ತ ಕ್ರಮ ವಹಿಸಲಾಗುವುದು ಎಂದರು.

ಮಟ್ಟದ ಹಾಕಿ ಕ್ರೀಡಾಂಗಣ ಹಾಗೂ ಈಜು ಕೊಳ ನಿರ್ಮಾಣಕ್ಕೆ ಜಾಗ ಗುರುತಿಸಲಾಗಿದೆ. ಈ ಜಾಗವನ್ನು ಸಂಬಂಧಪಟ್ಟ ಇಲಾಖೆಗೆ ಹಸ್ತಾಂತರ ಮಾಡಲು ಕ್ರಮ ವಹಿಸಲಾಗಿದೆ. ಅಂತಾರಾಷ್ಟ್ರೀಯ ಕ್ರಿಕೆಟ್ ಕ್ರೀಡಾಂಗಣಕ್ಕೆ 41 ಎಕರೆ ಜಾಗವನ್ನು ಈಗಾಗಲೇ ನೀಡಲಾಗಿದೆ. ಈ ಕ್ರೀಡಾಂಗಣ ನಿರ್ಮಾಣಕ್ಕೆ ಅಡಿಗಲ್ಲು ಹಾಕಿದ್ದಾರೆ. ಕೆಎಸ್ ಸಿಎ ವತಿಯಿಂದ ಕಾಮಗಾರಿ ಆರಂಭವಾಗಿದೆ. ಮುಂದಿನ 2 ವರ್ಷಗಳಲ್ಲಿ ಕ್ರೀಡಾಂಗಣ ಸಿದ್ಧಗೊಳ್ಳಲಿದೆ. ಈ ಕ್ರೀಡಾಂಗಣದಲ್ಲಿ ಅಂತಾರಾಷ್ಟ್ರೀಯ ಕ್ರಿಕೆಟ್ ಪಂದ್ಯಗಳು ನಡೆಯುವ ಸಾಧ್ಯತೆ ಇದೆ ಎಂದರು. ಸರ್ಕಾರ 1600 ಕೋಟಿ ರೂ. ವೆಚ್ಚದಲ್ಲಿ ಸೂರ್ಯನಗರದಲ್ಲಿ ಕ್ರೀಡಾ ನಗರ ನಿರ್ಮಾಣಕ್ಕೆ ಯೋಜನೆ ರೂಪಿಸಿದೆ. ಈ ಸಂದರ್ಭದಲ್ಲಿ ಜಿಲ್ಲಾಧಿಕಾರಿ ಶುಭ ಕಲ್ಯಾಣ್, ಜಿಲ್ಲಾ ಪೊಲೀಸ್ ವರಿಷ್ಠಾಧಿಕಾರಿ ಕೆ.ವಿ. ಅಶೋಕ್, ಜಿ.ಪಂ. ಸಿಇಓ ಜಿ. ಪ್ರಭು ಉಪಸ್ಥಿತರಿದ್ದರು.

Printed by : M. NAGARAJA,Published and Owned by : H. BABU, Printed at : MANJU MUDRANA ,Kunduvada Kere Road, Near Kadappa Bavi, Davangere -577006, Davangere
Dist, Karnataka Published at : At No .89, Marenahalli 577528, Jagalur Town, Davangere Dist, Karnataka. Editor : H. BABU.
